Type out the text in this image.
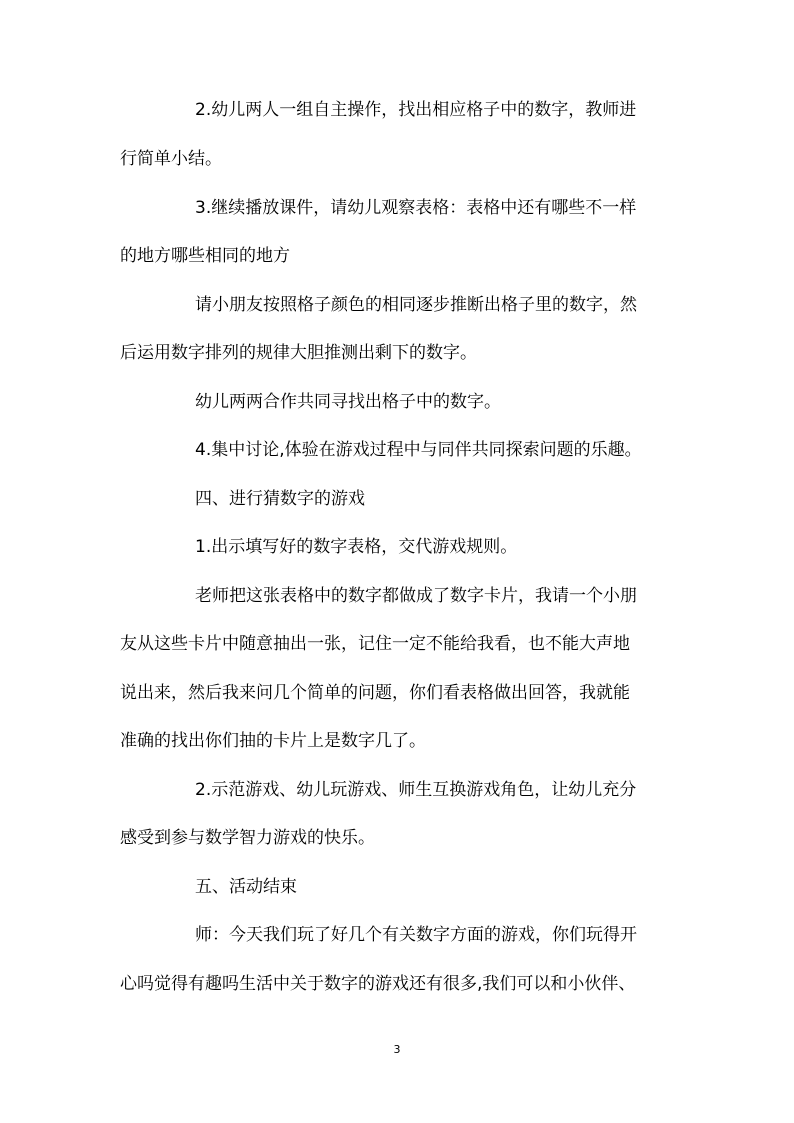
2.幼儿两人一组自主操作，找出相应格子中的数字，教师进
行简单小结。
3.继续播放课件，请幼儿观察表格：表格中还有哪些不一样
的地方哪些相同的地方
请小朋友按照格子颜色的相同逐步推断出格子里的数字，然
后运用数字排列的规律大胆推测出剩下的数字。
幼儿两两合作共同寻找出格子中的数字。
4.集中讨论,体验在游戏过程中与同伴共同探索问题的乐趣。
四、进行猜数字的游戏
1.出示填写好的数字表格，交代游戏规则。
老师把这张表格中的数字都做成了数字卡片，我请一个小朋
友从这些卡片中随意抽出一张，记住一定不能给我看，也不能大声地
说出来，然后我来问几个简单的问题，你们看表格做出回答，我就能
准确的找出你们抽的卡片上是数字几了。
2.示范游戏、幼儿玩游戏、师生互换游戏角色，让幼儿充分
感受到参与数学智力游戏的快乐。
五、活动结束
师：今天我们玩了好几个有关数字方面的游戏，你们玩得开
心吗觉得有趣吗生活中关于数字的游戏还有很多,我们可以和小伙伴、
3
